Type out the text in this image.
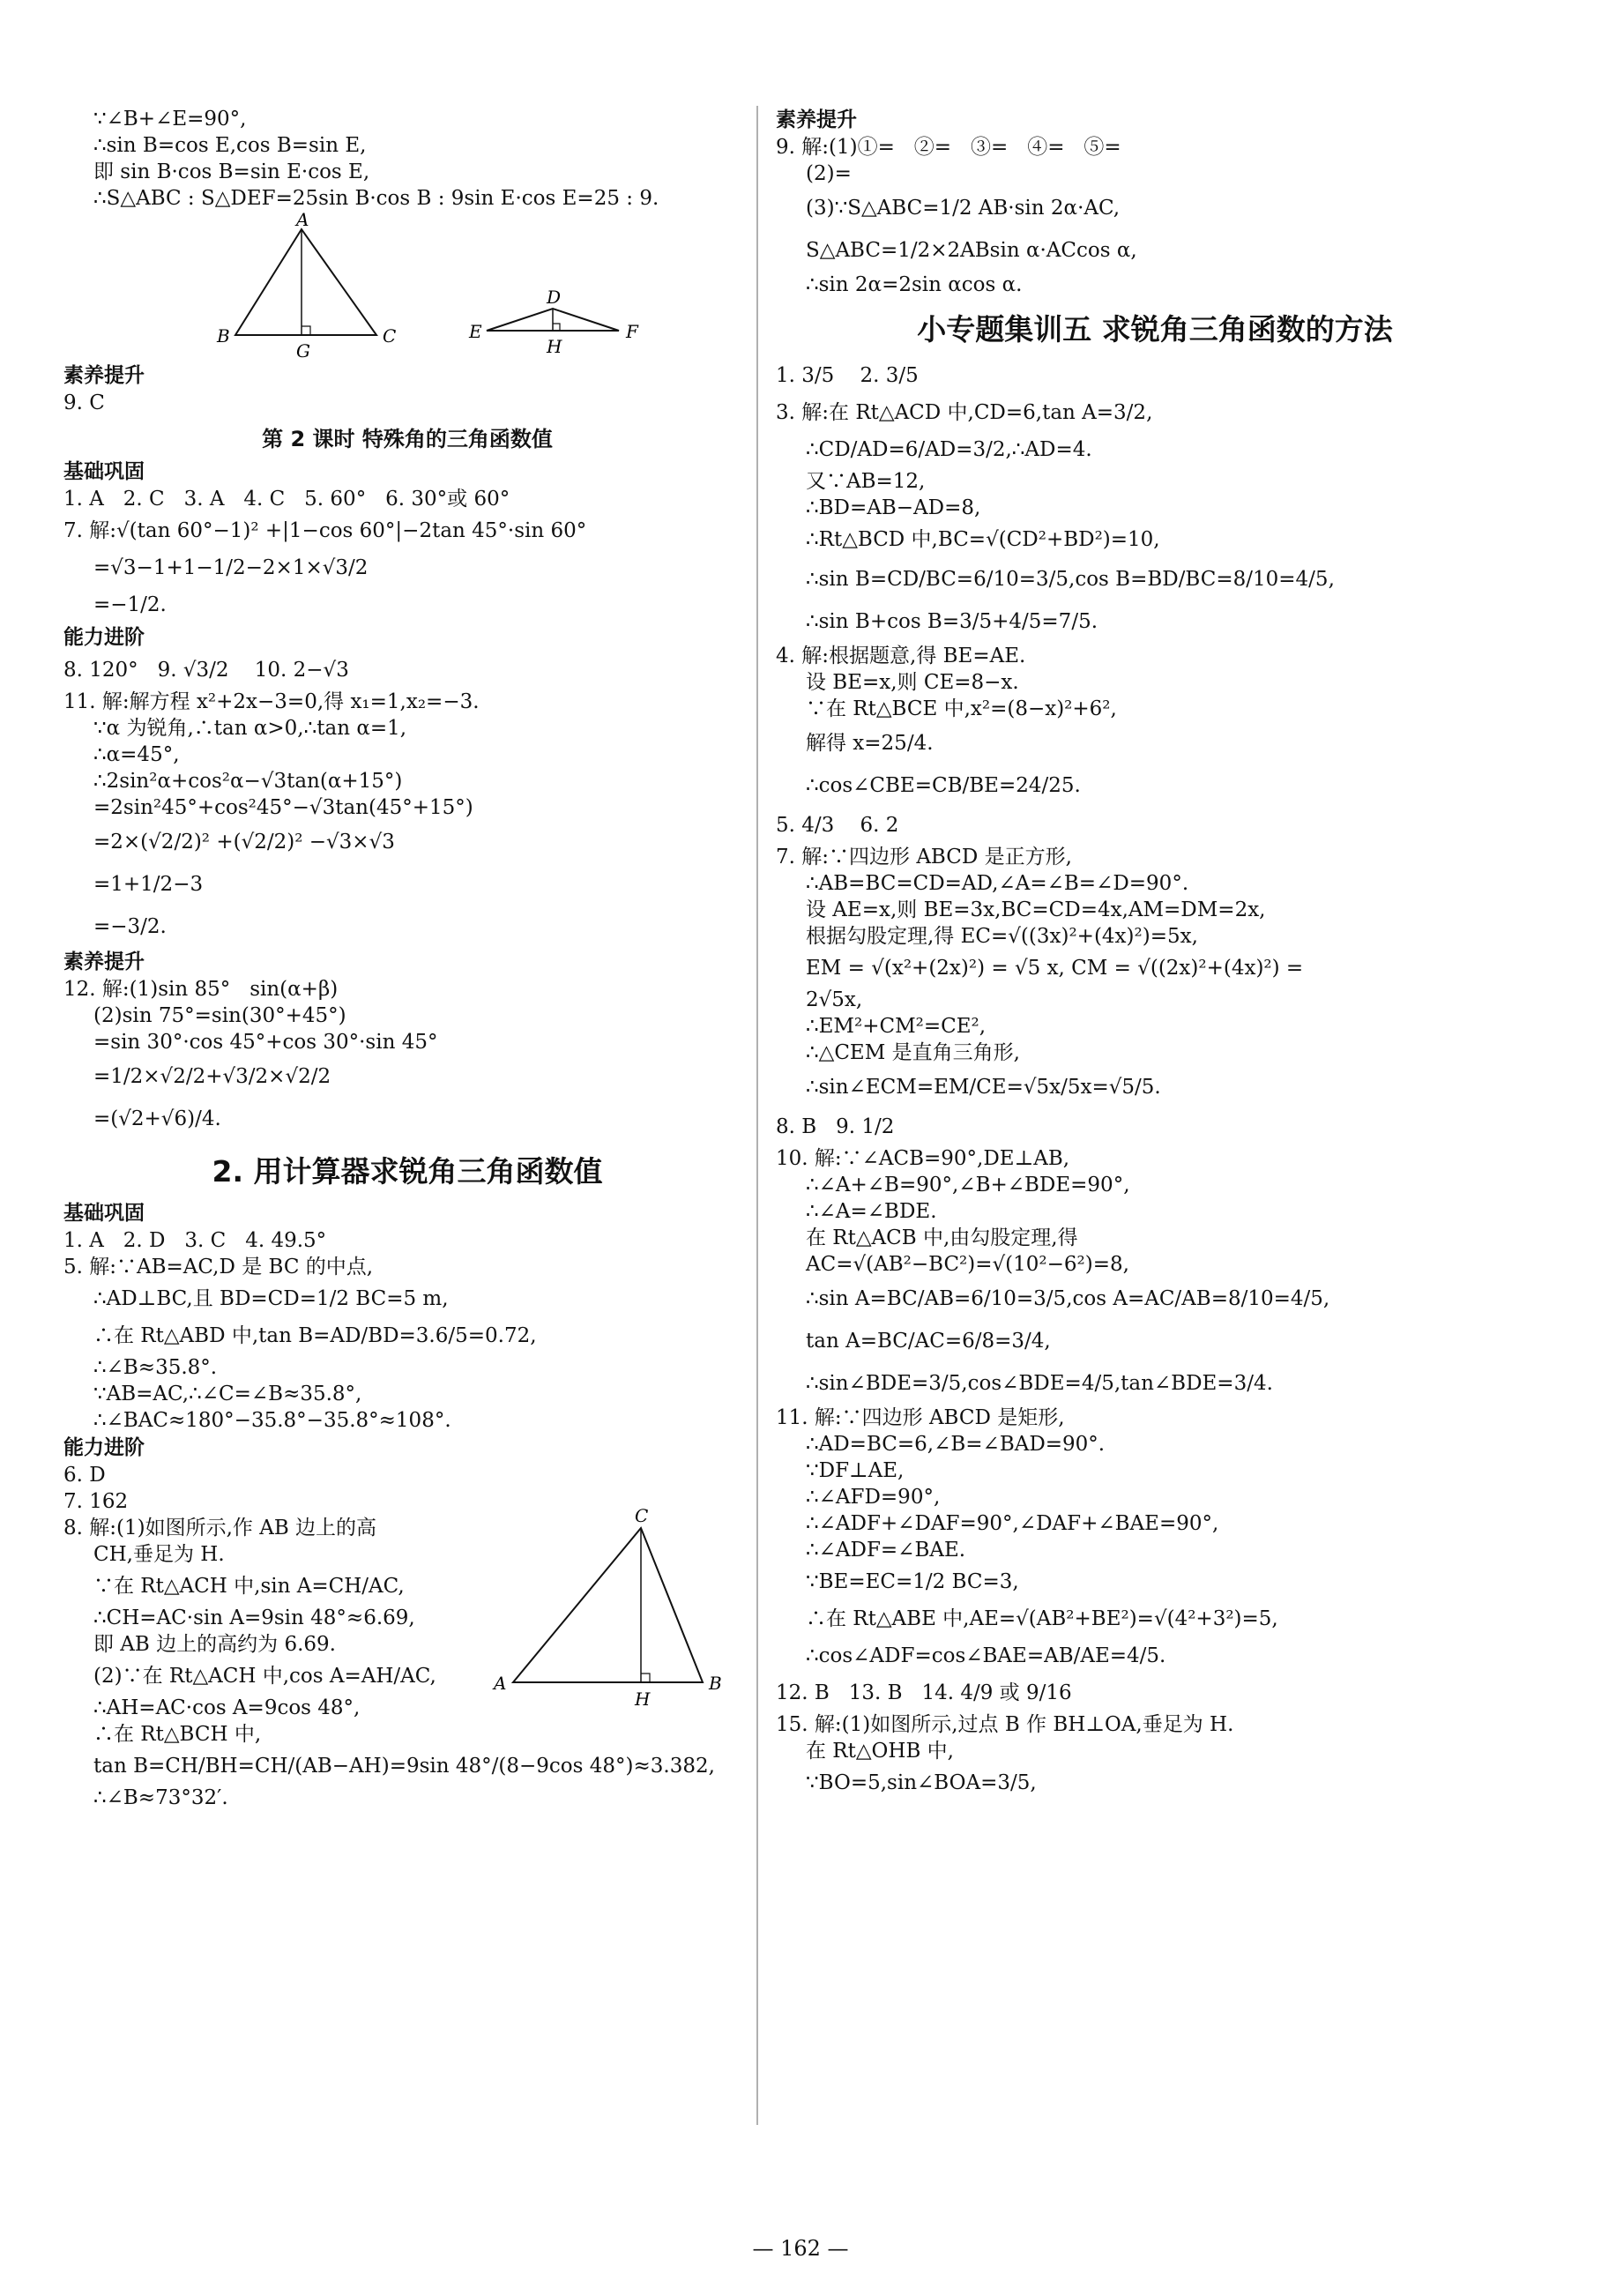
∵∠B+∠E=90°,
∴sin B=cos E,cos B=sin E,
即 sin B·cos B=sin E·cos E,
∴S△ABC : S△DEF=25sin B·cos B : 9sin E·cos E=25 : 9.
A
B	C
G
D
E	F
H
素养提升
9. C
第 2 课时 特殊角的三角函数值
基础巩固
1. A   2. C   3. A   4. C   5. 60°   6. 30°或 60°
7. 解:√(tan 60°−1)² +|1−cos 60°|−2tan 45°·sin 60°
=√3−1+1−1/2−2×1×√3/2
=−1/2.
能力进阶
8. 120°   9. √3/2    10. 2−√3
11. 解:解方程 x²+2x−3=0,得 x₁=1,x₂=−3.
∵α 为锐角,∴tan α>0,∴tan α=1,
∴α=45°,
∴2sin²α+cos²α−√3tan(α+15°)
=2sin²45°+cos²45°−√3tan(45°+15°)
=2×(√2/2)² +(√2/2)² −√3×√3
=1+1/2−3
=−3/2.
素养提升
12. 解:(1)sin 85°   sin(α+β)
(2)sin 75°=sin(30°+45°)
=sin 30°·cos 45°+cos 30°·sin 45°
=1/2×√2/2+√3/2×√2/2
=(√2+√6)/4.
2. 用计算器求锐角三角函数值
基础巩固
1. A   2. D   3. C   4. 49.5°
5. 解:∵AB=AC,D 是 BC 的中点,
∴AD⊥BC,且 BD=CD=1/2 BC=5 m,
∴在 Rt△ABD 中,tan B=AD/BD=3.6/5=0.72,
∴∠B≈35.8°.
∵AB=AC,∴∠C=∠B≈35.8°,
∴∠BAC≈180°−35.8°−35.8°≈108°.
能力进阶
6. D
7. 162
8. 解:(1)如图所示,作 AB 边上的高
CH,垂足为 H.
∵在 Rt△ACH 中,sin A=CH/AC,
∴CH=AC·sin A=9sin 48°≈6.69,
即 AB 边上的高约为 6.69.
(2)∵在 Rt△ACH 中,cos A=AH/AC,
∴AH=AC·cos A=9cos 48°,
∴在 Rt△BCH 中,
tan B=CH/BH=CH/(AB−AH)=9sin 48°/(8−9cos 48°)≈3.382,
∴∠B≈73°32′.
C
A	B
H
素养提升
9. 解:(1)①=   ②=   ③=   ④=   ⑤=
(2)=
(3)∵S△ABC=1/2 AB·sin 2α·AC,
S△ABC=1/2×2ABsin α·ACcos α,
∴sin 2α=2sin αcos α.
小专题集训五 求锐角三角函数的方法
1. 3/5    2. 3/5
3. 解:在 Rt△ACD 中,CD=6,tan A=3/2,
∴CD/AD=6/AD=3/2,∴AD=4.
又∵AB=12,
∴BD=AB−AD=8,
∴Rt△BCD 中,BC=√(CD²+BD²)=10,
∴sin B=CD/BC=6/10=3/5,cos B=BD/BC=8/10=4/5,
∴sin B+cos B=3/5+4/5=7/5.
4. 解:根据题意,得 BE=AE.
设 BE=x,则 CE=8−x.
∵在 Rt△BCE 中,x²=(8−x)²+6²,
解得 x=25/4.
∴cos∠CBE=CB/BE=24/25.
5. 4/3    6. 2
7. 解:∵四边形 ABCD 是正方形,
∴AB=BC=CD=AD,∠A=∠B=∠D=90°.
设 AE=x,则 BE=3x,BC=CD=4x,AM=DM=2x,
根据勾股定理,得 EC=√((3x)²+(4x)²)=5x,
EM = √(x²+(2x)²) = √5 x, CM = √((2x)²+(4x)²) =
2√5x,
∴EM²+CM²=CE²,
∴△CEM 是直角三角形,
∴sin∠ECM=EM/CE=√5x/5x=√5/5.
8. B   9. 1/2
10. 解:∵∠ACB=90°,DE⊥AB,
∴∠A+∠B=90°,∠B+∠BDE=90°,
∴∠A=∠BDE.
在 Rt△ACB 中,由勾股定理,得
AC=√(AB²−BC²)=√(10²−6²)=8,
∴sin A=BC/AB=6/10=3/5,cos A=AC/AB=8/10=4/5,
tan A=BC/AC=6/8=3/4,
∴sin∠BDE=3/5,cos∠BDE=4/5,tan∠BDE=3/4.
11. 解:∵四边形 ABCD 是矩形,
∴AD=BC=6,∠B=∠BAD=90°.
∵DF⊥AE,
∴∠AFD=90°,
∴∠ADF+∠DAF=90°,∠DAF+∠BAE=90°,
∴∠ADF=∠BAE.
∵BE=EC=1/2 BC=3,
∴在 Rt△ABE 中,AE=√(AB²+BE²)=√(4²+3²)=5,
∴cos∠ADF=cos∠BAE=AB/AE=4/5.
12. B   13. B   14. 4/9 或 9/16
15. 解:(1)如图所示,过点 B 作 BH⊥OA,垂足为 H.
在 Rt△OHB 中,
∵BO=5,sin∠BOA=3/5,
— 162 —
